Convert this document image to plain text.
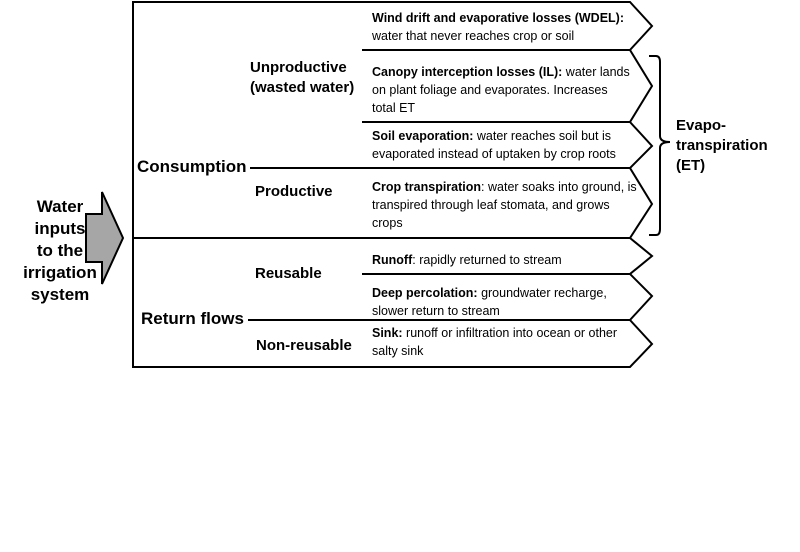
Water
inputs
to the
irrigation
system
Consumption
Return flows
Unproductive
(wasted water)
Productive
Reusable
Non-reusable
Wind drift and evaporative losses (WDEL): water that never reaches crop or soil
Canopy interception losses (IL): water lands on plant foliage and evaporates. Increases total ET
Soil evaporation: water reaches soil but is evaporated instead of uptaken by crop roots
Crop transpiration: water soaks into ground, is transpired through leaf stomata, and grows crops
Runoff: rapidly returned to stream
Deep percolation: groundwater recharge, slower return to stream
Sink: runoff or infiltration into ocean or other salty sink
Evapo-
transpiration
(ET)
